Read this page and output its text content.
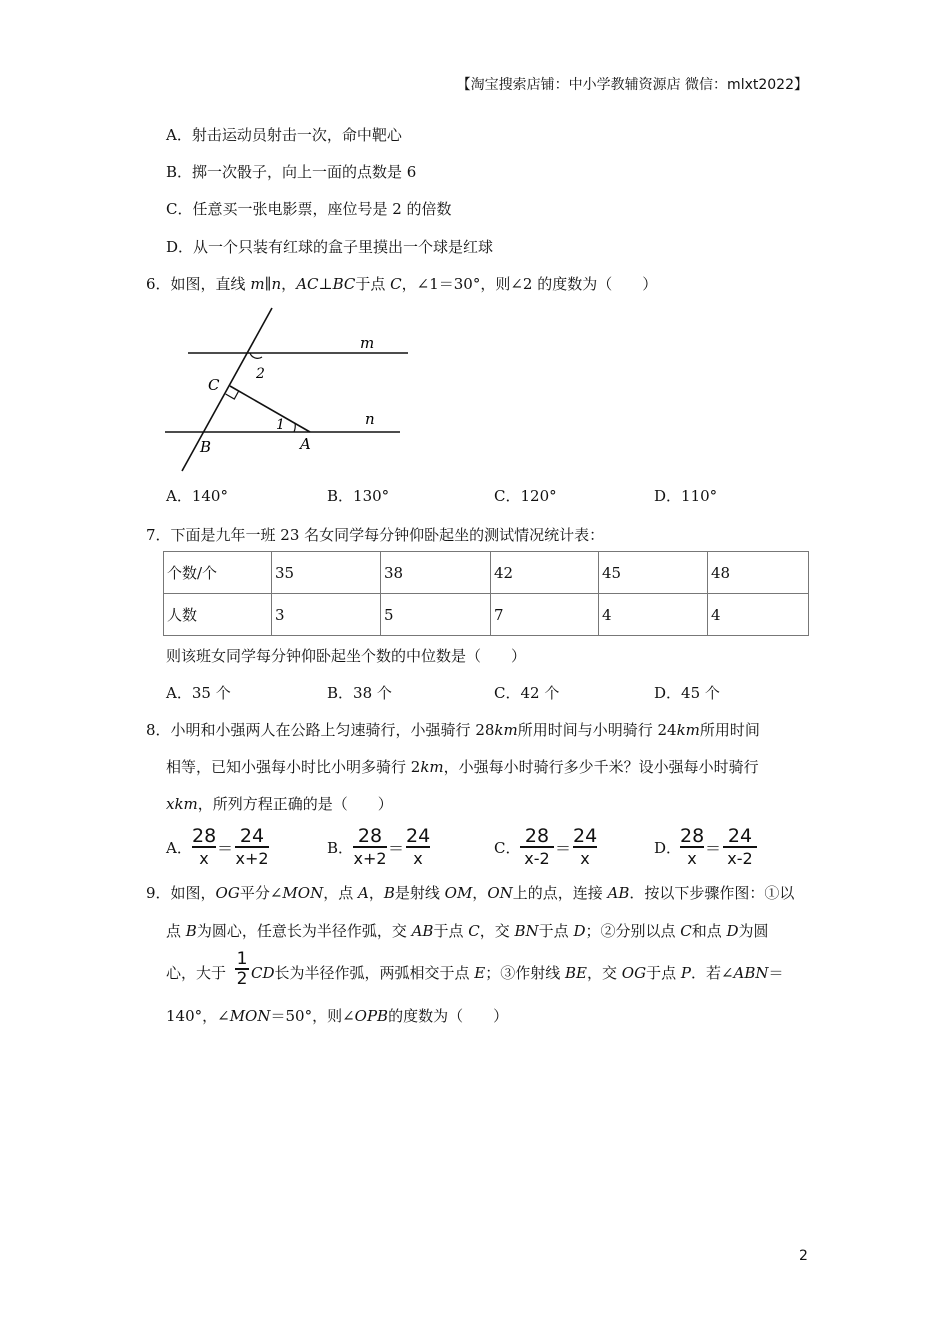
【淘宝搜索店铺：中小学教辅资源店 微信：mlxt2022】
A．射击运动员射击一次，命中靶心
B．掷一次骰子，向上一面的点数是 6
C．任意买一张电影票，座位号是 2 的倍数
D．从一个只装有红球的盒子里摸出一个球是红球
6．如图，直线 m∥n，AC⊥BC于点 C，∠1＝30°，则∠2 的度数为（　　）
m
n
C
B	A
1
2
A．140°	B．130°	C．120°	D．110°
7．下面是九年一班 23 名女同学每分钟仰卧起坐的测试情况统计表：
个数/个	35	38	42	45	48
人数	3	5	7	4	4
则该班女同学每分钟仰卧起坐个数的中位数是（　　）
A．35 个	B．38 个	C．42 个	D．45 个
8．小明和小强两人在公路上匀速骑行，小强骑行 28km所用时间与小明骑行 24km所用时间
相等，已知小强每小时比小明多骑行 2km，小强每小时骑行多少千米？设小强每小时骑行
xkm，所列方程正确的是（　　）
A．
28
x
＝
24
x+2
B．
28
x+2
＝
24
x
C．
28
x-2
＝
24
x
D．
28
x
＝
24
x-2
9．如图，OG平分∠MON，点 A，B是射线 OM，ON上的点，连接 AB．按以下步骤作图：①以
点 B为圆心，任意长为半径作弧，交 AB于点 C，交 BN于点 D；②分别以点 C和点 D为圆
心，大于
1
2 CD长为半径作弧，两弧相交于点 E；③作射线 BE，交 OG于点 P．若∠ABN＝
140°，∠MON＝50°，则∠OPB的度数为（　　）
2
